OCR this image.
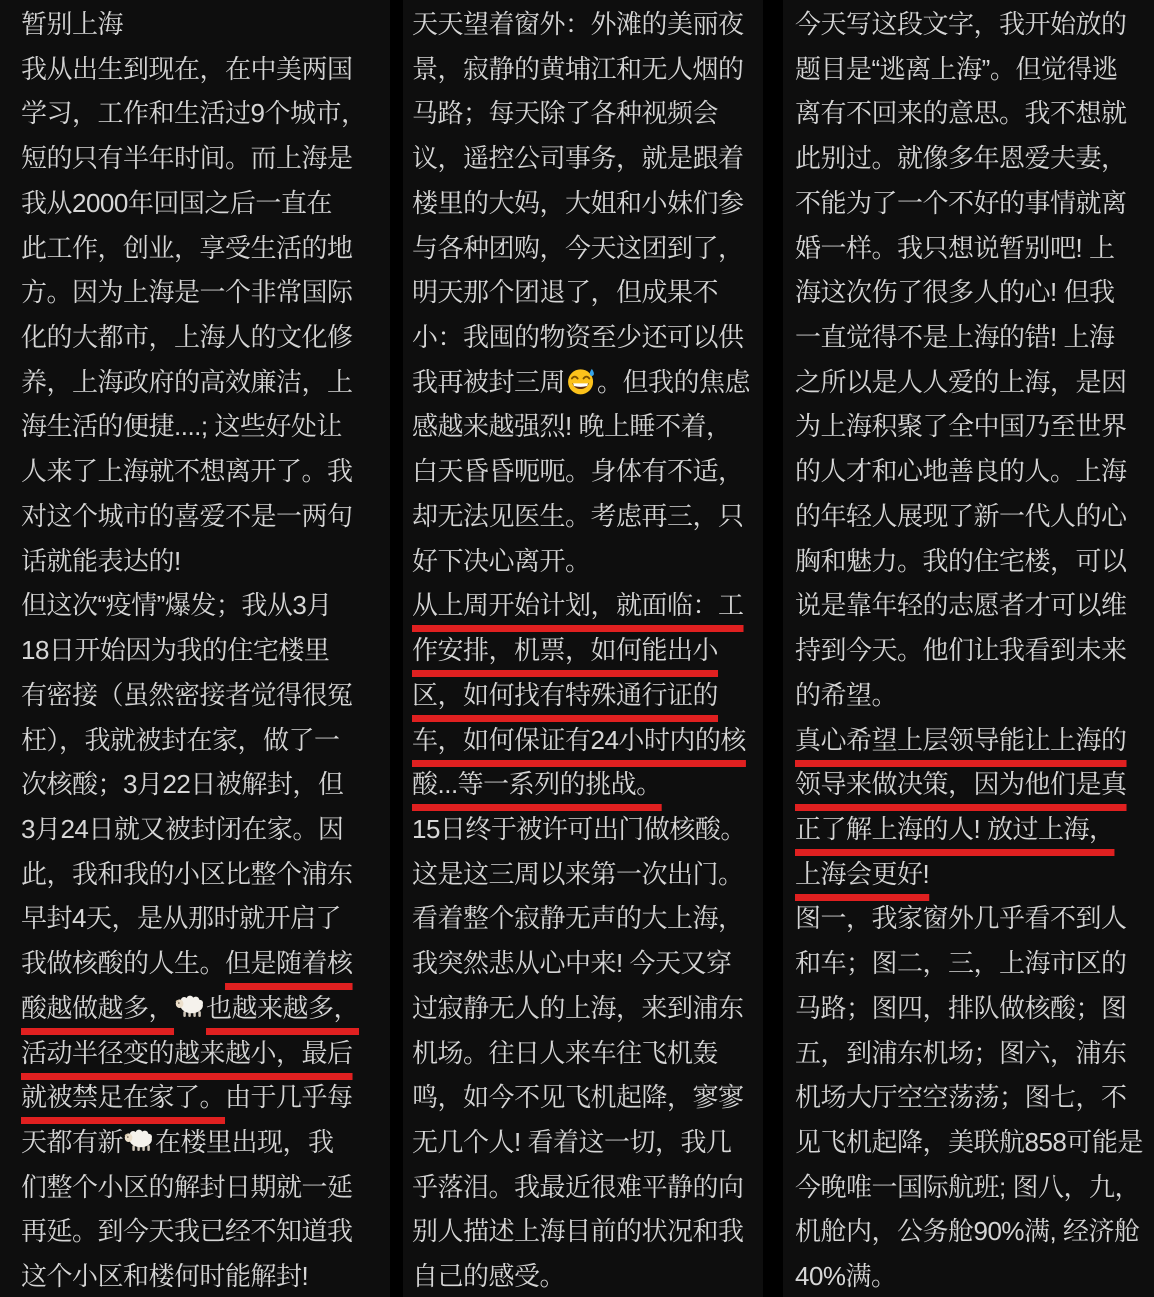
暂别上海
我从出生到现在，在中美两国
学习，工作和生活过9个城市，
短的只有半年时间。而上海是
我从2000年回国之后一直在
此工作，创业，享受生活的地
方。因为上海是一个非常国际
化的大都市，上海人的文化修
养，上海政府的高效廉洁，上
海生活的便捷....; 这些好处让
人来了上海就不想离开了。我
对这个城市的喜爱不是一两句
话就能表达的!
但这次“疫情”爆发；我从3月
18日开始因为我的住宅楼里
有密接（虽然密接者觉得很冤
枉），我就被封在家，做了一
次核酸；3月22日被解封，但
3月24日就又被封闭在家。因
此，我和我的小区比整个浦东
早封4天，是从那时就开启了
我做核酸的人生。但是随着核
酸越做越多， 也越来越多，
活动半径变的越来越小，最后
就被禁足在家了。由于几乎每
天都有新 在楼里出现，我
们整个小区的解封日期就一延
再延。到今天我已经不知道我
这个小区和楼何时能解封!
天天望着窗外：外滩的美丽夜
景，寂静的黄埔江和无人烟的
马路；每天除了各种视频会
议，遥控公司事务，就是跟着
楼里的大妈，大姐和小妹们参
与各种团购，今天这团到了，
明天那个团退了，但成果不
小：我囤的物资至少还可以供
我再被封三周 。但我的焦虑
感越来越强烈! 晚上睡不着，
白天昏昏呃呃。身体有不适，
却无法见医生。考虑再三，只
好下决心离开。
从上周开始计划，就面临：工
作安排，机票，如何能出小
区，如何找有特殊通行证的
车，如何保证有24小时内的核
酸...等一系列的挑战。
15日终于被许可出门做核酸。
这是这三周以来第一次出门。
看着整个寂静无声的大上海，
我突然悲从心中来! 今天又穿
过寂静无人的上海，来到浦东
机场。往日人来车往飞机轰
鸣，如今不见飞机起降，寥寥
无几个人! 看着这一切，我几
乎落泪。我最近很难平静的向
别人描述上海目前的状况和我
自己的感受。
今天写这段文字，我开始放的
题目是“逃离上海”。但觉得逃
离有不回来的意思。我不想就
此别过。就像多年恩爱夫妻，
不能为了一个不好的事情就离
婚一样。我只想说暂别吧! 上
海这次伤了很多人的心! 但我
一直觉得不是上海的错! 上海
之所以是人人爱的上海，是因
为上海积聚了全中国乃至世界
的人才和心地善良的人。上海
的年轻人展现了新一代人的心
胸和魅力。我的住宅楼，可以
说是靠年轻的志愿者才可以维
持到今天。他们让我看到未来
的希望。
真心希望上层领导能让上海的
领导来做决策，因为他们是真
正了解上海的人! 放过上海，
上海会更好!
图一，我家窗外几乎看不到人
和车；图二，三，上海市区的
马路；图四，排队做核酸；图
五，到浦东机场；图六，浦东
机场大厅空空荡荡；图七，不
见飞机起降，美联航858可能是
今晚唯一国际航班; 图八，九，
机舱内，公务舱90%满, 经济舱
40%满。
